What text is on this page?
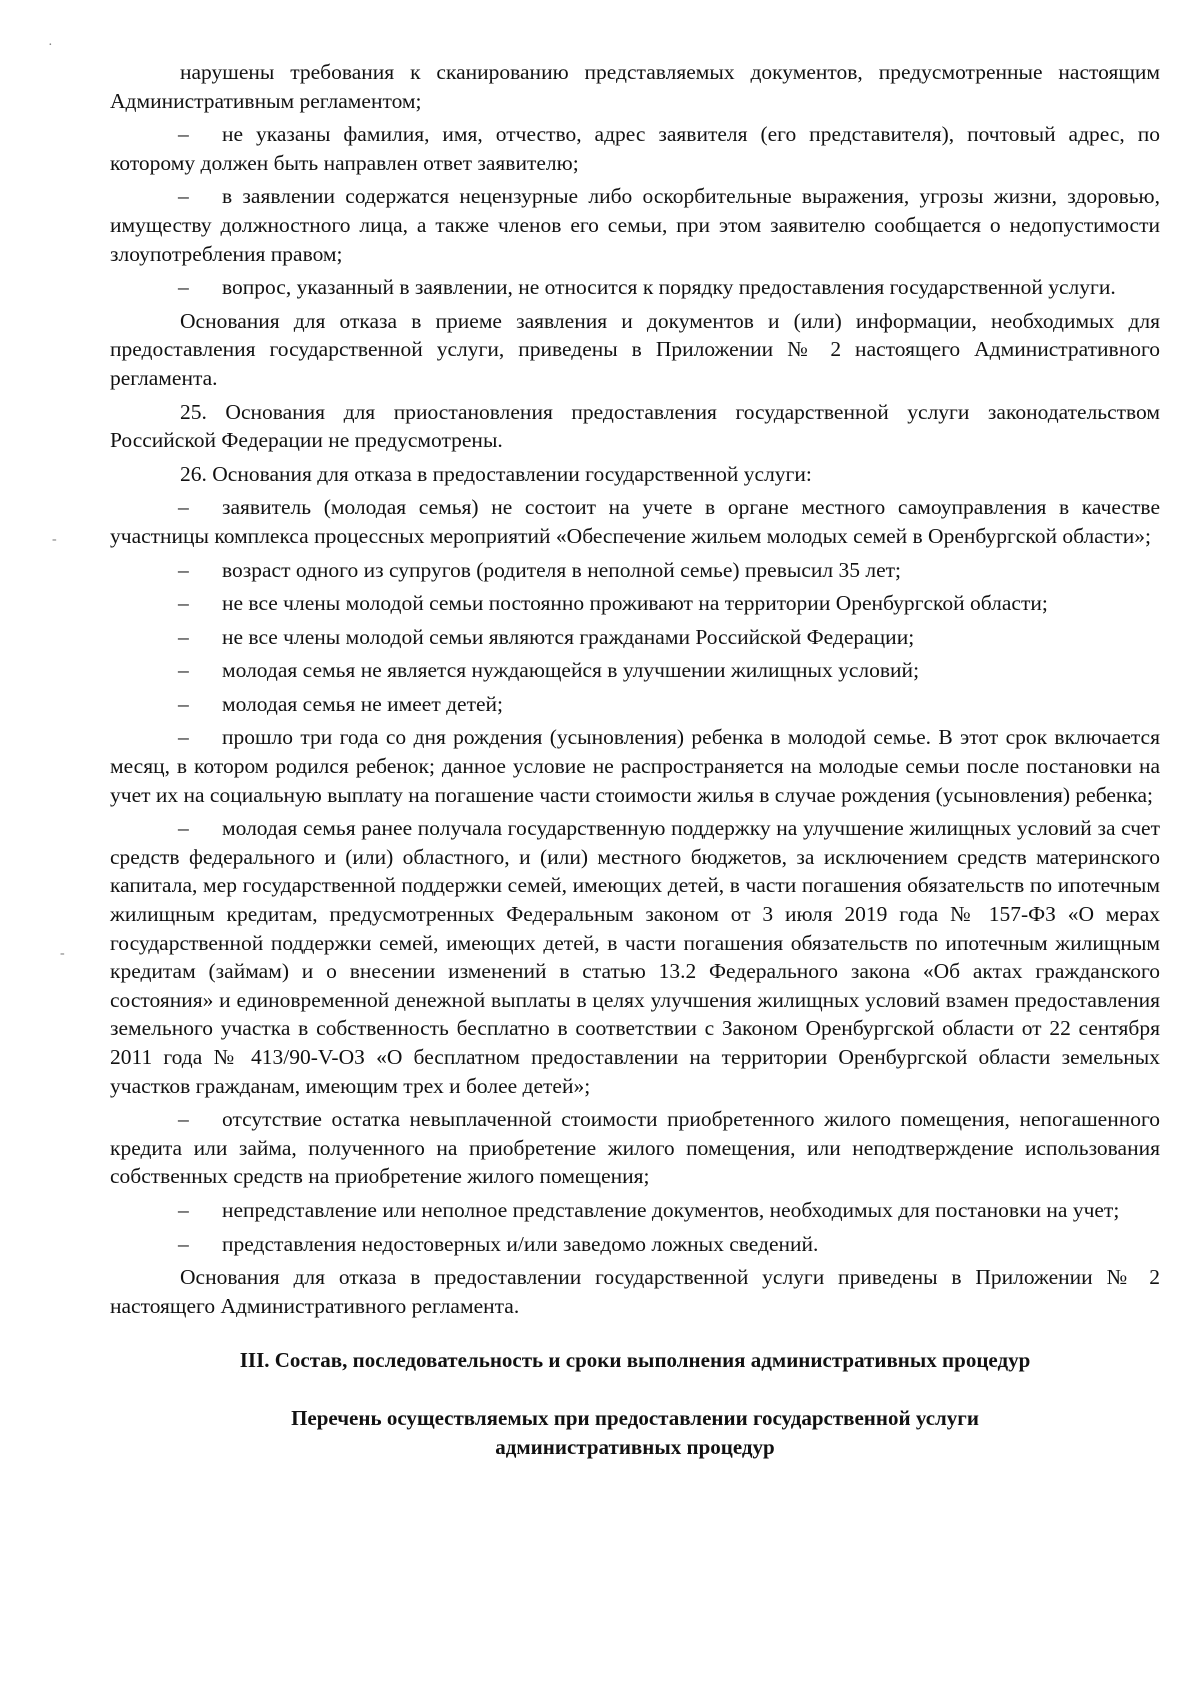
нарушены требования к сканированию представляемых документов, предусмотренные настоящим Административным регламентом;

– не указаны фамилия, имя, отчество, адрес заявителя (его представителя), почтовый адрес, по которому должен быть направлен ответ заявителю;

– в заявлении содержатся нецензурные либо оскорбительные выражения, угрозы жизни, здоровью, имуществу должностного лица, а также членов его семьи, при этом заявителю сообщается о недопустимости злоупотребления правом;

– вопрос, указанный в заявлении, не относится к порядку предоставления государственной услуги.

Основания для отказа в приеме заявления и документов и (или) информации, необходимых для предоставления государственной услуги, приведены в Приложении № 2 настоящего Административного регламента.

25. Основания для приостановления предоставления государственной услуги законодательством Российской Федерации не предусмотрены.

26. Основания для отказа в предоставлении государственной услуги:

– заявитель (молодая семья) не состоит на учете в органе местного самоуправления в качестве участницы комплекса процессных мероприятий «Обеспечение жильем молодых семей в Оренбургской области»;

– возраст одного из супругов (родителя в неполной семье) превысил 35 лет;

– не все члены молодой семьи постоянно проживают на территории Оренбургской области;

– не все члены молодой семьи являются гражданами Российской Федерации;

– молодая семья не является нуждающейся в улучшении жилищных условий;

– молодая семья не имеет детей;

– прошло три года со дня рождения (усыновления) ребенка в молодой семье. В этот срок включается месяц, в котором родился ребенок; данное условие не распространяется на молодые семьи после постановки на учет их на социальную выплату на погашение части стоимости жилья в случае рождения (усыновления) ребенка;

– молодая семья ранее получала государственную поддержку на улучшение жилищных условий за счет средств федерального и (или) областного, и (или) местного бюджетов, за исключением средств материнского капитала, мер государственной поддержки семей, имеющих детей, в части погашения обязательств по ипотечным жилищным кредитам, предусмотренных Федеральным законом от 3 июля 2019 года № 157-ФЗ «О мерах государственной поддержки семей, имеющих детей, в части погашения обязательств по ипотечным жилищным кредитам (займам) и о внесении изменений в статью 13.2 Федерального закона «Об актах гражданского состояния» и единовременной денежной выплаты в целях улучшения жилищных условий взамен предоставления земельного участка в собственность бесплатно в соответствии с Законом Оренбургской области от 22 сентября 2011 года № 413/90-V-ОЗ «О бесплатном предоставлении на территории Оренбургской области земельных участков гражданам, имеющим трех и более детей»;

– отсутствие остатка невыплаченной стоимости приобретенного жилого помещения, непогашенного кредита или займа, полученного на приобретение жилого помещения, или неподтверждение использования собственных средств на приобретение жилого помещения;

– непредставление или неполное представление документов, необходимых для постановки на учет;

– представления недостоверных и/или заведомо ложных сведений.

Основания для отказа в предоставлении государственной услуги приведены в Приложении № 2 настоящего Административного регламента.

III. Состав, последовательность и сроки выполнения административных процедур
Перечень осуществляемых при предоставлении государственной услуги административных процедур
·
-
-
